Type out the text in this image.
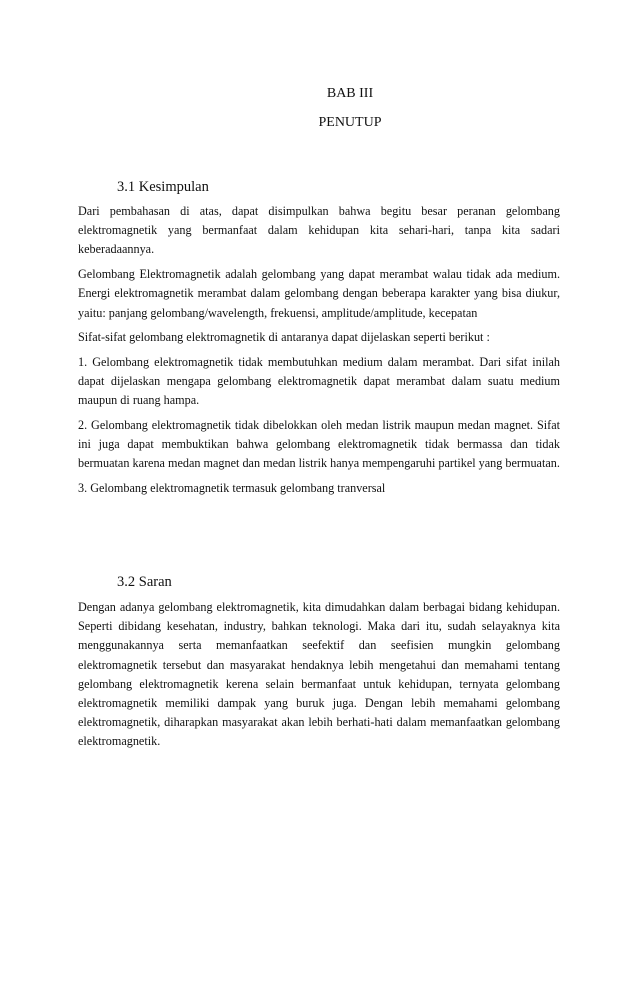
BAB III
PENUTUP
3.1 Kesimpulan

Dari pembahasan di atas, dapat disimpulkan bahwa begitu besar peranan gelombang elektromagnetik yang bermanfaat dalam kehidupan kita sehari-hari, tanpa kita sadari keberadaannya.

Gelombang Elektromagnetik adalah gelombang yang dapat merambat walau tidak ada medium. Energi elektromagnetik merambat dalam gelombang dengan beberapa karakter yang bisa diukur, yaitu: panjang gelombang/wavelength, frekuensi, amplitude/amplitude, kecepatan

Sifat-sifat gelombang elektromagnetik di antaranya dapat dijelaskan seperti berikut :

1. Gelombang elektromagnetik tidak membutuhkan medium dalam merambat. Dari sifat inilah dapat dijelaskan mengapa gelombang elektromagnetik dapat merambat dalam suatu medium maupun di ruang hampa.

2. Gelombang elektromagnetik tidak dibelokkan oleh medan listrik maupun medan magnet. Sifat ini juga dapat membuktikan bahwa gelombang elektromagnetik tidak bermassa dan tidak bermuatan karena medan magnet dan medan listrik hanya mempengaruhi partikel yang bermuatan.

3. Gelombang elektromagnetik termasuk gelombang tranversal

3.2 Saran

Dengan adanya gelombang elektromagnetik, kita dimudahkan dalam berbagai bidang kehidupan. Seperti dibidang kesehatan, industry, bahkan teknologi. Maka dari itu, sudah selayaknya kita menggunakannya serta memanfaatkan seefektif dan seefisien mungkin gelombang elektromagnetik tersebut dan masyarakat hendaknya lebih mengetahui dan memahami tentang gelombang elektromagnetik kerena selain bermanfaat untuk kehidupan, ternyata gelombang elektromagnetik memiliki dampak yang buruk juga. Dengan lebih memahami gelombang elektromagnetik, diharapkan masyarakat akan lebih berhati-hati dalam memanfaatkan gelombang elektromagnetik.
